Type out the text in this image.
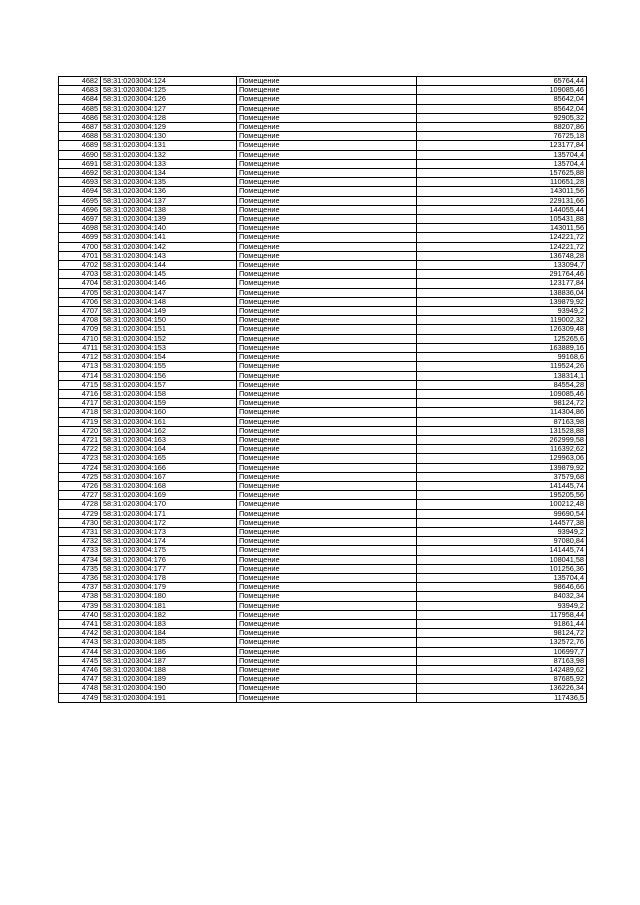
4682	58:31:0203004:124	Помещение	65764,44
4683	58:31:0203004:125	Помещение	109085,46
4684	58:31:0203004:126	Помещение	85642,04
4685	58:31:0203004:127	Помещение	85642,04
4686	58:31:0203004:128	Помещение	92905,32
4687	58:31:0203004:129	Помещение	88207,86
4688	58:31:0203004:130	Помещение	76725,18
4689	58:31:0203004:131	Помещение	123177,84
4690	58:31:0203004:132	Помещение	135704,4
4691	58:31:0203004:133	Помещение	135704,4
4692	58:31:0203004:134	Помещение	157625,88
4693	58:31:0203004:135	Помещение	110651,28
4694	58:31:0203004:136	Помещение	143011,56
4695	58:31:0203004:137	Помещение	229131,66
4696	58:31:0203004:138	Помещение	144055,44
4697	58:31:0203004:139	Помещение	105431,88
4698	58:31:0203004:140	Помещение	143011,56
4699	58:31:0203004:141	Помещение	124221,72
4700	58:31:0203004:142	Помещение	124221,72
4701	58:31:0203004:143	Помещение	136748,28
4702	58:31:0203004:144	Помещение	133094,7
4703	58:31:0203004:145	Помещение	291764,46
4704	58:31:0203004:146	Помещение	123177,84
4705	58:31:0203004:147	Помещение	138836,04
4706	58:31:0203004:148	Помещение	139879,92
4707	58:31:0203004:149	Помещение	93949,2
4708	58:31:0203004:150	Помещение	119002,32
4709	58:31:0203004:151	Помещение	126309,48
4710	58:31:0203004:152	Помещение	125265,6
4711	58:31:0203004:153	Помещение	163889,16
4712	58:31:0203004:154	Помещение	99168,6
4713	58:31:0203004:155	Помещение	119524,26
4714	58:31:0203004:156	Помещение	138314,1
4715	58:31:0203004:157	Помещение	84554,28
4716	58:31:0203004:158	Помещение	109085,46
4717	58:31:0203004:159	Помещение	98124,72
4718	58:31:0203004:160	Помещение	114304,86
4719	58:31:0203004:161	Помещение	87163,98
4720	58:31:0203004:162	Помещение	131528,88
4721	58:31:0203004:163	Помещение	262999,58
4722	58:31:0203004:164	Помещение	116392,62
4723	58:31:0203004:165	Помещение	129963,06
4724	58:31:0203004:166	Помещение	139879,92
4725	58:31:0203004:167	Помещение	37579,68
4726	58:31:0203004:168	Помещение	141445,74
4727	58:31:0203004:169	Помещение	195205,56
4728	58:31:0203004:170	Помещение	100212,48
4729	58:31:0203004:171	Помещение	99690,54
4730	58:31:0203004:172	Помещение	144577,38
4731	58:31:0203004:173	Помещение	93949,2
4732	58:31:0203004:174	Помещение	97080,84
4733	58:31:0203004:175	Помещение	141445,74
4734	58:31:0203004:176	Помещение	108041,58
4735	58:31:0203004:177	Помещение	101256,36
4736	58:31:0203004:178	Помещение	135704,4
4737	58:31:0203004:179	Помещение	98646,66
4738	58:31:0203004:180	Помещение	84032,34
4739	58:31:0203004:181	Помещение	93949,2
4740	58:31:0203004:182	Помещение	117958,44
4741	58:31:0203004:183	Помещение	91861,44
4742	58:31:0203004:184	Помещение	98124,72
4743	58:31:0203004:185	Помещение	132572,76
4744	58:31:0203004:186	Помещение	106997,7
4745	58:31:0203004:187	Помещение	87163,98
4746	58:31:0203004:188	Помещение	142489,62
4747	58:31:0203004:189	Помещение	87685,92
4748	58:31:0203004:190	Помещение	136226,34
4749	58:31:0203004:191	Помещение	117436,5
